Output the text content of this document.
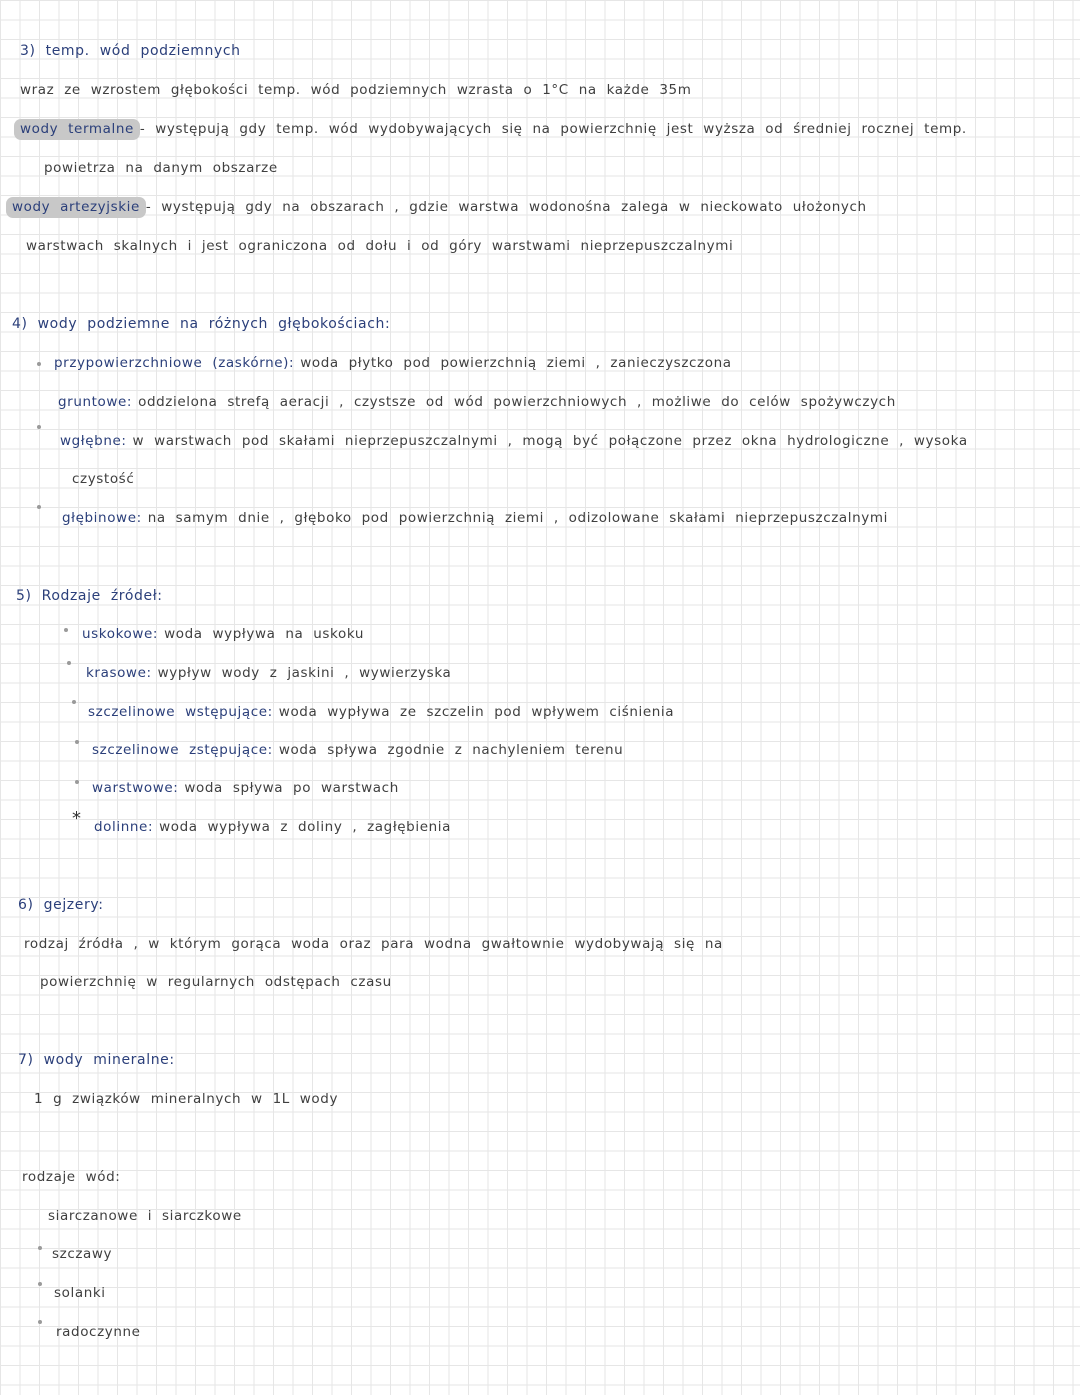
3) temp. wód podziemnych
wraz ze wzrostem głębokości temp. wód podziemnych wzrasta o 1°C na każde 35m
wody termalne - występują gdy temp. wód wydobywających się na powierzchnię jest wyższa od średniej rocznej temp.
powietrza na danym obszarze
wody artezyjskie - występują gdy na obszarach , gdzie warstwa wodonośna zalega w nieckowato ułożonych
warstwach skalnych i jest ograniczona od dołu i od góry warstwami nieprzepuszczalnymi
4) wody podziemne na różnych głębokościach:
przypowierzchniowe (zaskórne): woda płytko pod powierzchnią ziemi , zanieczyszczona
gruntowe: oddzielona strefą aeracji , czystsze od wód powierzchniowych , możliwe do celów spożywczych
wgłębne: w warstwach pod skałami nieprzepuszczalnymi , mogą być połączone przez okna hydrologiczne , wysoka
czystość
głębinowe: na samym dnie , głęboko pod powierzchnią ziemi , odizolowane skałami nieprzepuszczalnymi
5) Rodzaje źródeł:
uskokowe: woda wypływa na uskoku
krasowe: wypływ wody z jaskini , wywierzyska
szczelinowe wstępujące: woda wypływa ze szczelin pod wpływem ciśnienia
szczelinowe zstępujące: woda spływa zgodnie z nachyleniem terenu
warstwowe: woda spływa po warstwach
* dolinne: woda wypływa z doliny , zagłębienia
6) gejzery:
rodzaj źródła , w którym gorąca woda oraz para wodna gwałtownie wydobywają się na
powierzchnię w regularnych odstępach czasu
7) wody mineralne:
1 g związków mineralnych w 1L wody
rodzaje wód:
siarczanowe i siarczkowe
szczawy
solanki
radoczynne
